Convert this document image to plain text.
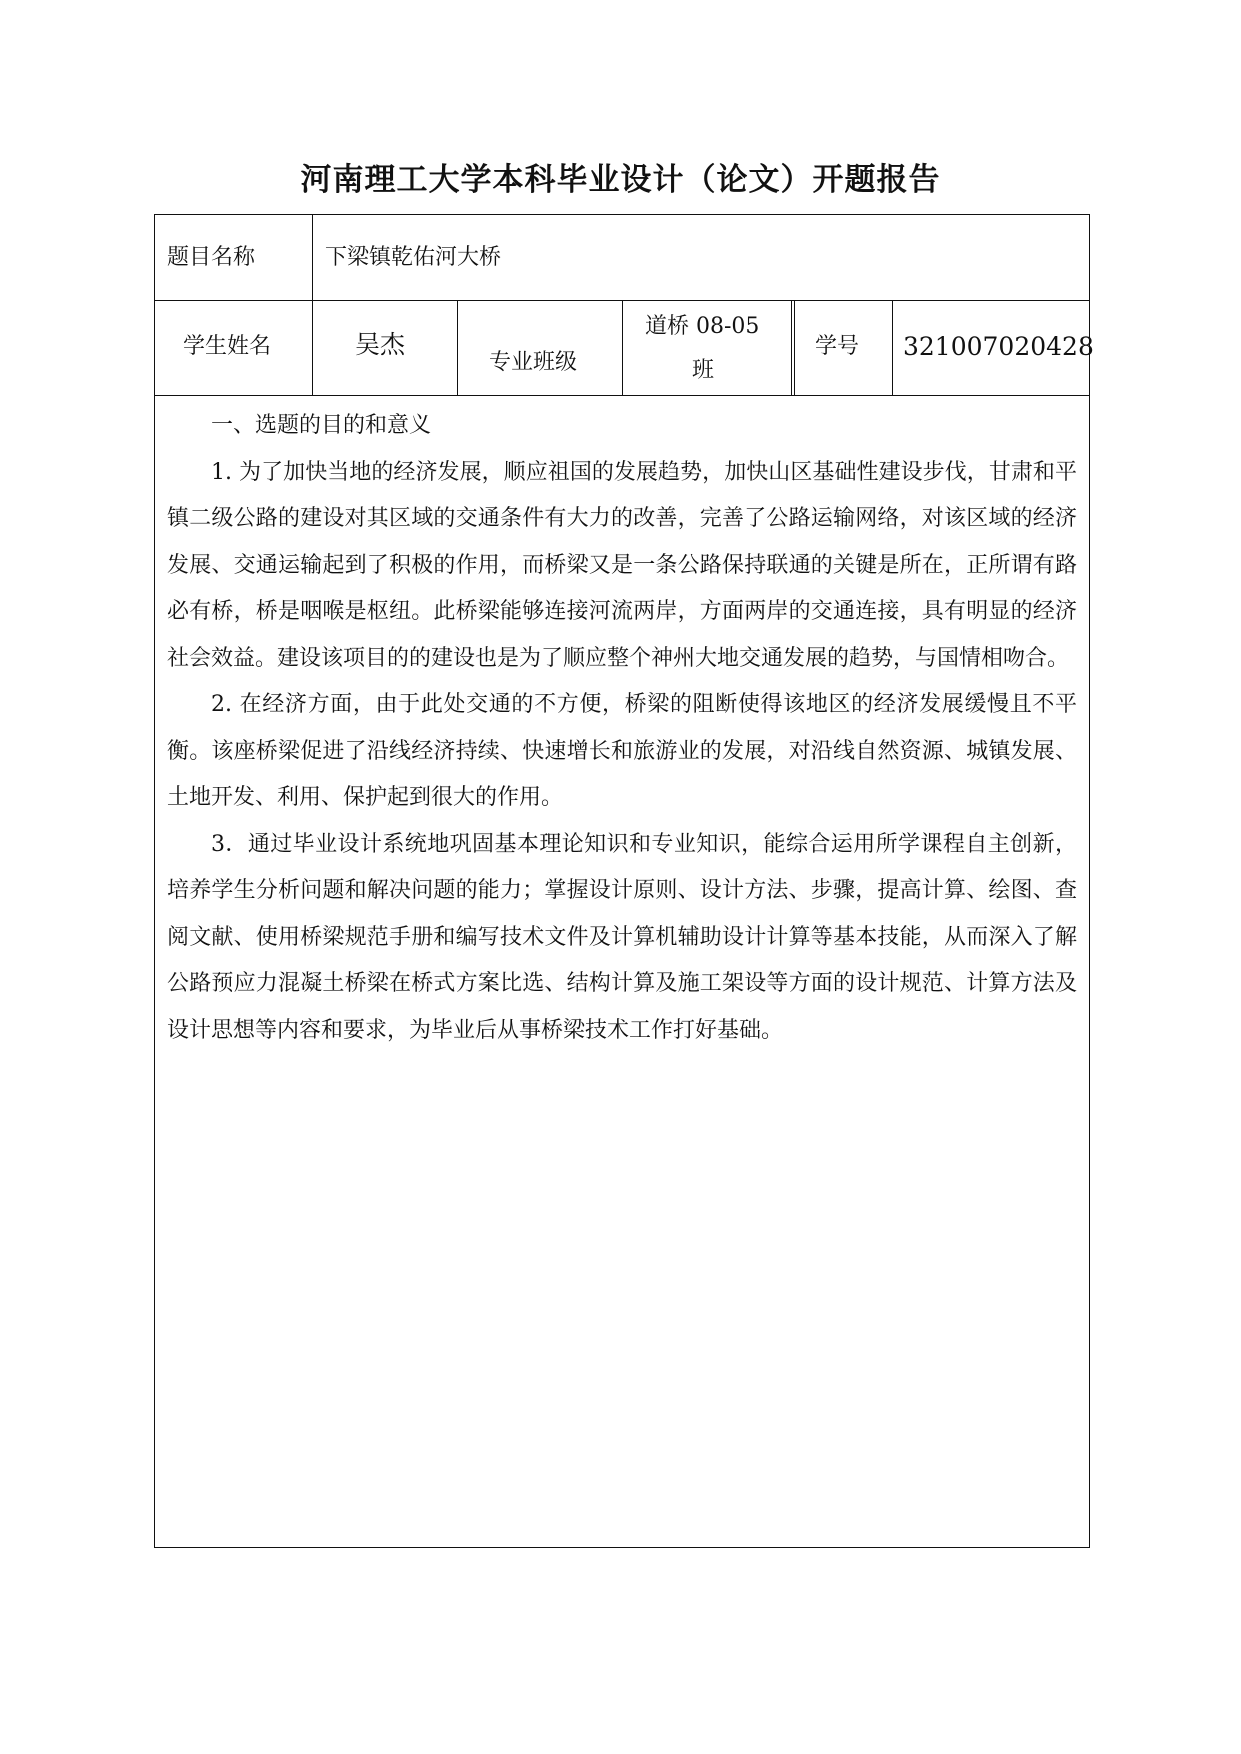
河南理工大学本科毕业设计（论文）开题报告
题目名称	下梁镇乾佑河大桥
学生姓名	吴杰
专业班级
道桥 08-05
班
学号 321007020428

一、选题的目的和意义

1. 为了加快当地的经济发展，顺应祖国的发展趋势，加快山区基础性建设步伐，甘肃和平镇二级公路的建设对其区域的交通条件有大力的改善，完善了公路运输网络，对该区域的经济发展、交通运输起到了积极的作用，而桥梁又是一条公路保持联通的关键是所在，正所谓有路必有桥，桥是咽喉是枢纽。此桥梁能够连接河流两岸，方面两岸的交通连接，具有明显的经济社会效益。建设该项目的的建设也是为了顺应整个神州大地交通发展的趋势，与国情相吻合。

2. 在经济方面，由于此处交通的不方便，桥梁的阻断使得该地区的经济发展缓慢且不平衡。该座桥梁促进了沿线经济持续、快速增长和旅游业的发展，对沿线自然资源、城镇发展、土地开发、利用、保护起到很大的作用。

3．通过毕业设计系统地巩固基本理论知识和专业知识，能综合运用所学课程自主创新，培养学生分析问题和解决问题的能力；掌握设计原则、设计方法、步骤，提高计算、绘图、查阅文献、使用桥梁规范手册和编写技术文件及计算机辅助设计计算等基本技能，从而深入了解公路预应力混凝土桥梁在桥式方案比选、结构计算及施工架设等方面的设计规范、计算方法及设计思想等内容和要求，为毕业后从事桥梁技术工作打好基础。
